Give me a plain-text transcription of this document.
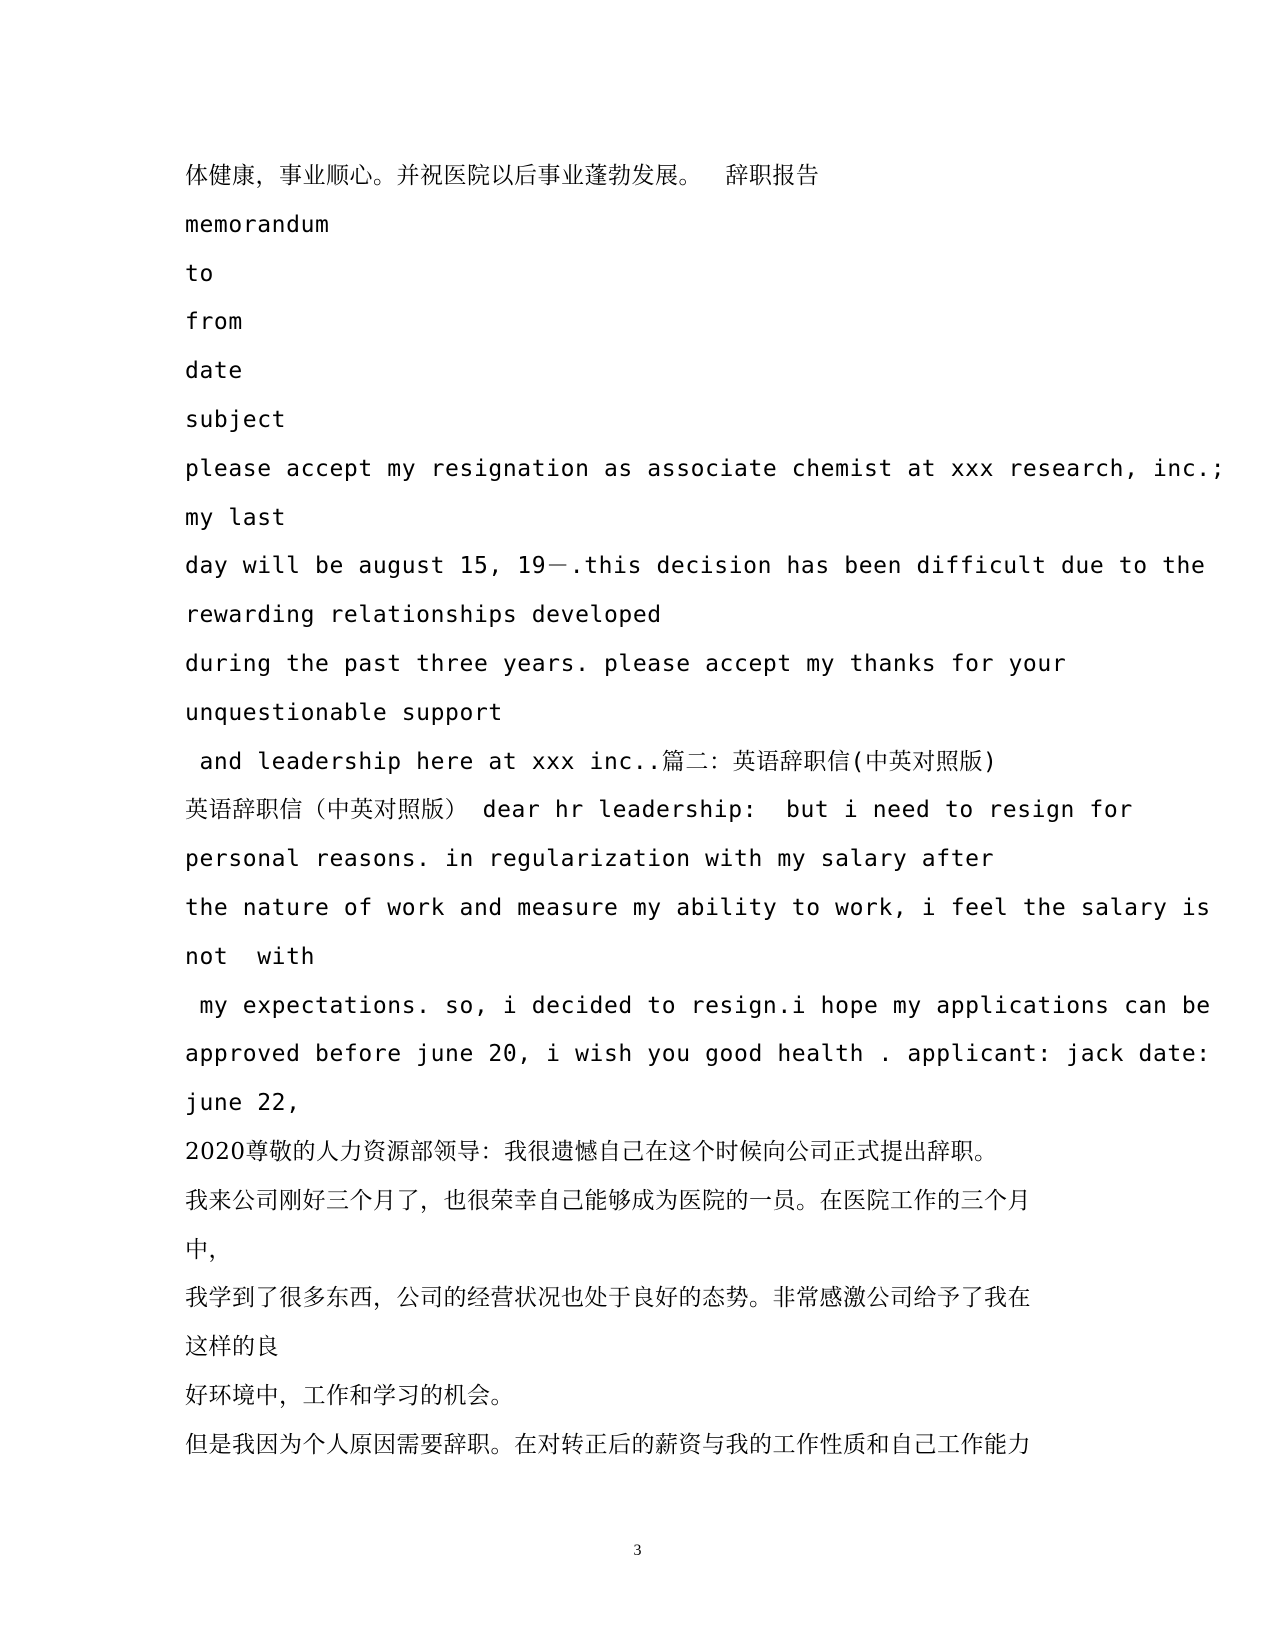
体健康，事业顺心。并祝医院以后事业蓬勃发展。   辞职报告
memorandum
to
from
date
subject
please accept my resignation as associate chemist at xxx research, inc.;
my last
day will be august 15, 19－.this decision has been difficult due to the
rewarding relationships developed
during the past three years. please accept my thanks for your
unquestionable support
and leadership here at xxx inc..篇二：英语辞职信(中英对照版)
英语辞职信（中英对照版） dear hr leadership:  but i need to resign for
personal reasons. in regularization with my salary after
the nature of work and measure my ability to work, i feel the salary is
not  with
my expectations. so, i decided to resign.i hope my applications can be
approved before june 20, i wish you good health . applicant: jack date:
june 22,
2020尊敬的人力资源部领导：我很遗憾自己在这个时候向公司正式提出辞职。
我来公司刚好三个月了，也很荣幸自己能够成为医院的一员。在医院工作的三个月
中，
我学到了很多东西，公司的经营状况也处于良好的态势。非常感激公司给予了我在
这样的良
好环境中，工作和学习的机会。
但是我因为个人原因需要辞职。在对转正后的薪资与我的工作性质和自己工作能力
3
